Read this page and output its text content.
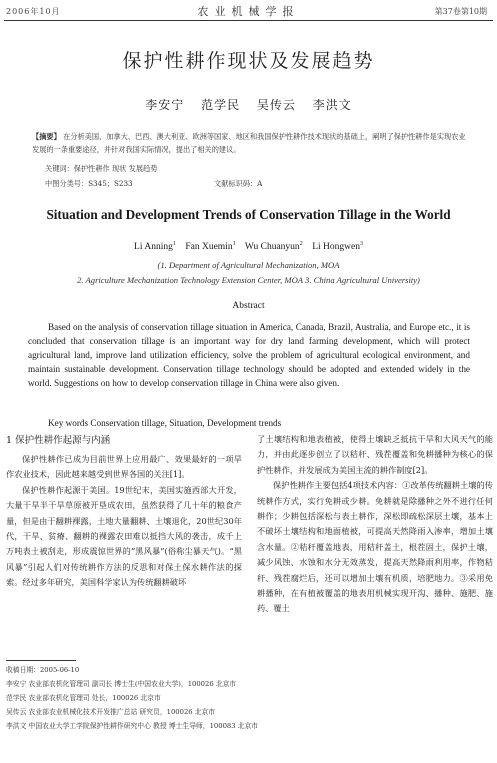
2006年10月	农业机械学报	第37卷第10期
保护性耕作现状及发展趋势
李安宁 范学民 吴传云 李洪文
【摘要】 在分析美国、加拿大、巴西、澳大利亚、欧洲等国家、地区和我国保护性耕作技术现状的基础上，阐明了保护性耕作是实现农业发展的一条重要途径，并针对我国实际情况，提出了相关的建议。
关键词：保护性耕作 现状 发展趋势
中图分类号：S345；S233	文献标识码：A
Situation and Development Trends of Conservation Tillage in the World
Li Anning$^1$ Fan Xuemin$^1$ Wu Chuanyun$^2$ Li Hongwen$^3$
(1. Department of Agricultural Mechanization, MOA
2. Agriculture Mechanization Technology Extension Center, MOA 3. China Agricultural University)
Abstract
Based on the analysis of conservation tillage situation in America, Canada, Brazil, Australia, and Europe etc., it is concluded that conservation tillage is an important way for dry land farming development, which will protect agricultural land, improve land utilization efficiency, solve the problem of agricultural ecological environment, and maintain sustainable development. Conservation tillage technology should be adopted and extended widely in the world. Suggestions on how to develop conservation tillage in China were also given.
Key words Conservation tillage, Situation, Development trends
1 保护性耕作起源与内涵

保护性耕作已成为目前世界上应用最广、效果最好的一项旱作农业技术，因此越来越受到世界各国的关注[1]。

保护性耕作起源于美国。19世纪末，美国实施西部大开发，大量干旱半干旱草原被开垦成农田，虽然获得了几十年的粮食产量，但是由于翻耕裸露，土地大量翻耕、土壤退化，20世纪30年代，干旱、贫瘠、翻耕的裸露农田难以抵挡大风的袭击，成千上万吨表土被刮走，形成震惊世界的“黑风暴”(俗称尘暴天气)。“黑风暴”引起人们对传统耕作方法的反思和对保土保水耕作法的探索。经过多年研究，美国科学家认为传统翻耕破坏

了土壤结构和地表植被，使得土壤缺乏抵抗干旱和大风天气的能力，并由此逐步创立了以秸秆、残茬覆盖和免耕播种为核心的保护性耕作，并发展成为美国主流的耕作制度[2]。

保护性耕作主要包括4项技术内容：①改革传统翻耕土壤的传统耕作方式，实行免耕或少耕。免耕就是除播种之外不进行任何耕作；少耕包括深松与表土耕作，深松即疏松深层土壤，基本上不破坏土壤结构和地面植被，可提高天然降雨入渗率，增加土壤含水量。②秸秆覆盖地表，用秸秆盖土，根茬固土，保护土壤，减少风蚀、水蚀和水分无效蒸发，提高天然降雨利用率，作物秸秆、残茬腐烂后，还可以增加土壤有机质，培肥地力。③采用免耕播种，在有植被覆盖的地表用机械实现开沟、播种、施肥、施药、覆土

收稿日期：2005-06-10
李安宁 农业部农机化管理司 副司长 博士生(中国农业大学)，100026 北京市
范学民 农业部农机化管理司 处长，100026 北京市
吴传云 农业部农业机械化技术开发推广总站 研究员，100026 北京市
李洪文 中国农业大学工学院保护性耕作研究中心 教授 博士生导师，100083 北京市
